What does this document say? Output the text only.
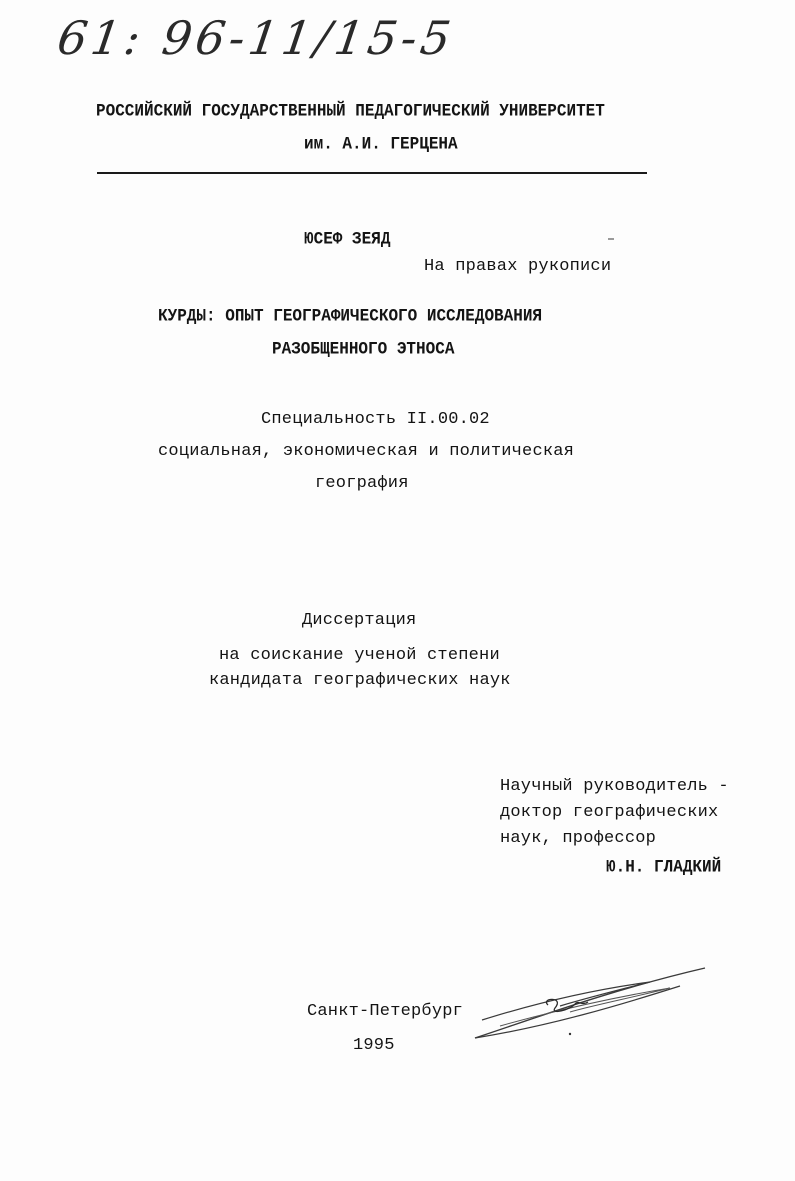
61: 96-11/15-5
РОССИЙСКИЙ ГОСУДАРСТВЕННЫЙ ПЕДАГОГИЧЕСКИЙ УНИВЕРСИТЕТ
им. А.И. ГЕРЦЕНА
ЮСЕФ ЗЕЯД
На правах рукописи
КУРДЫ: ОПЫТ ГЕОГРАФИЧЕСКОГО ИССЛЕДОВАНИЯ
РАЗОБЩЕННОГО ЭТНОСА
Специальность II.00.02
социальная, экономическая и политическая
география
Диссертация
на соискание ученой степени
кандидата географических наук
Научный руководитель -
доктор географических
наук, профессор
Ю.Н. ГЛАДКИЙ
Санкт-Петербург
1995
